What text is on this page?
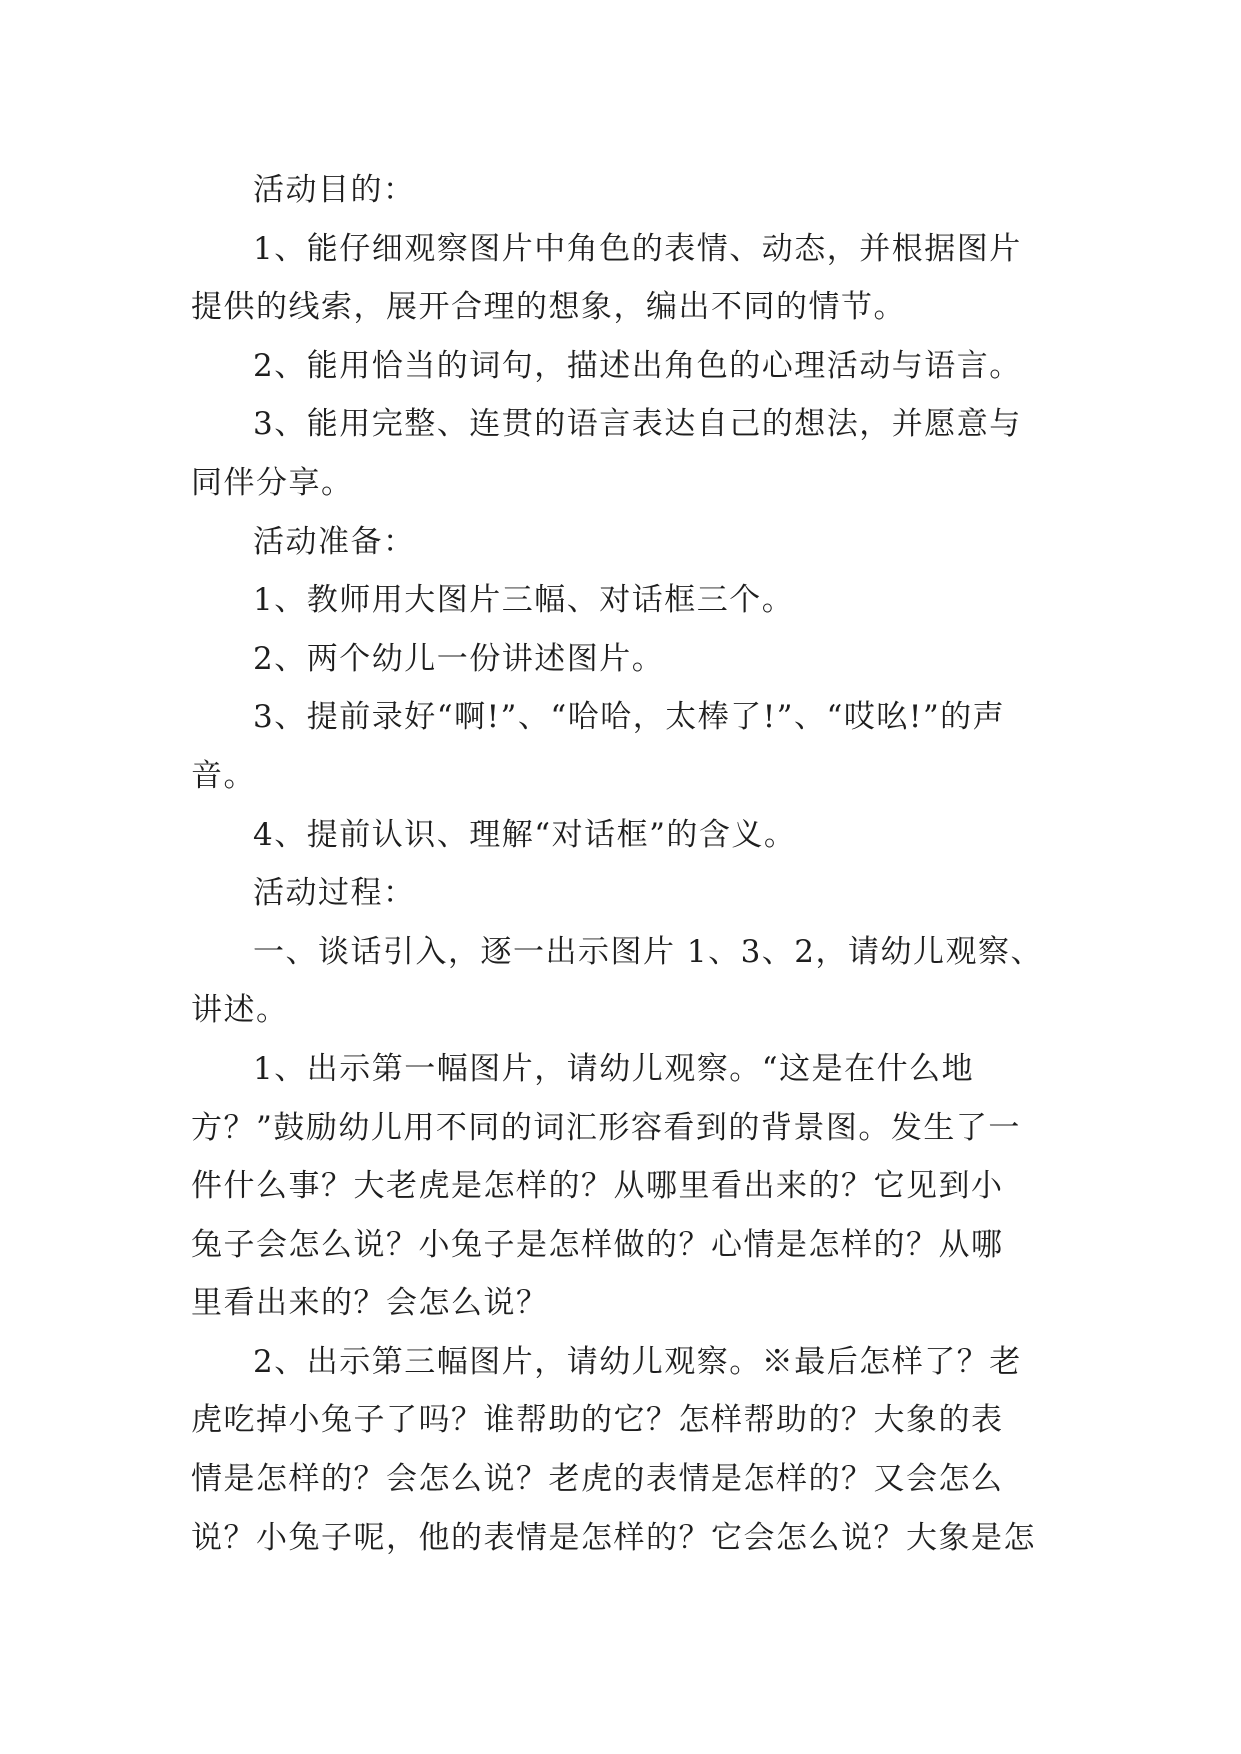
活动目的：
1、能仔细观察图片中角色的表情、动态，并根据图片
提供的线索，展开合理的想象，编出不同的情节。
2、能用恰当的词句，描述出角色的心理活动与语言。
3、能用完整、连贯的语言表达自己的想法，并愿意与
同伴分享。
活动准备：
1、教师用大图片三幅、对话框三个。
2、两个幼儿一份讲述图片。
3、提前录好“啊!”、“哈哈，太棒了!”、“哎吆!”的声
音。
4、提前认识、理解“对话框”的含义。
活动过程：
一、谈话引入，逐一出示图片 1、3、2，请幼儿观察、
讲述。
1、出示第一幅图片，请幼儿观察。“这是在什么地
方？”鼓励幼儿用不同的词汇形容看到的背景图。发生了一
件什么事？大老虎是怎样的？从哪里看出来的？它见到小
兔子会怎么说？小兔子是怎样做的？心情是怎样的？从哪
里看出来的？会怎么说？
2、出示第三幅图片，请幼儿观察。※最后怎样了？老
虎吃掉小兔子了吗？谁帮助的它？怎样帮助的？大象的表
情是怎样的？会怎么说？老虎的表情是怎样的？又会怎么
说？小兔子呢，他的表情是怎样的？它会怎么说？大象是怎
